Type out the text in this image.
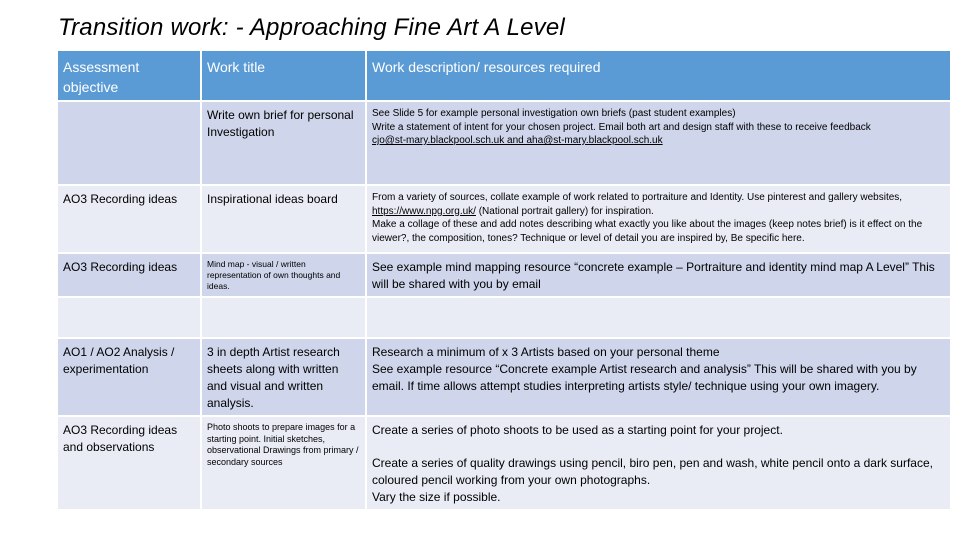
Transition work: - Approaching Fine Art A Level
Assessment objective	Work title	Work description/ resources required
	Write own brief for personal Investigation	See Slide 5 for example personal investigation own briefs (past student examples)
Write a statement of intent for your chosen project. Email both art and design staff with these to receive feedback
cjo@st-mary.blackpool.sch.uk and aha@st-mary.blackpool.sch.uk

AO3 Recording ideas	Inspirational ideas board	From a variety of sources, collate example of work related to portraiture and Identity. Use pinterest and gallery websites, https://www.npg.org.uk/ (National portrait gallery) for inspiration.
Make a collage of these and add notes describing what exactly you like about the images (keep notes brief) is it effect on the viewer?, the composition, tones? Technique or level of detail you are inspired by, Be specific here.

AO3 Recording ideas	Mind map - visual / written representation of own thoughts and ideas.	See example mind mapping resource “concrete example – Portraiture and identity mind map A Level” This will be shared with you by email

AO1 / AO2 Analysis / experimentation	3 in depth Artist research sheets along with written and visual and written analysis.	Research a minimum of x 3 Artists based on your personal theme
See example resource “Concrete example Artist research and analysis” This will be shared with you by email. If time allows attempt studies interpreting artists style/ technique using your own imagery.

AO3 Recording ideas and observations	Photo shoots to prepare images for a starting point. Initial sketches, observational Drawings from primary / secondary sources	Create a series of photo shoots to be used as a starting point for your project.
Create a series of quality drawings using pencil, biro pen, pen and wash, white pencil onto a dark surface, coloured pencil working from your own photographs.
Vary the size if possible.
